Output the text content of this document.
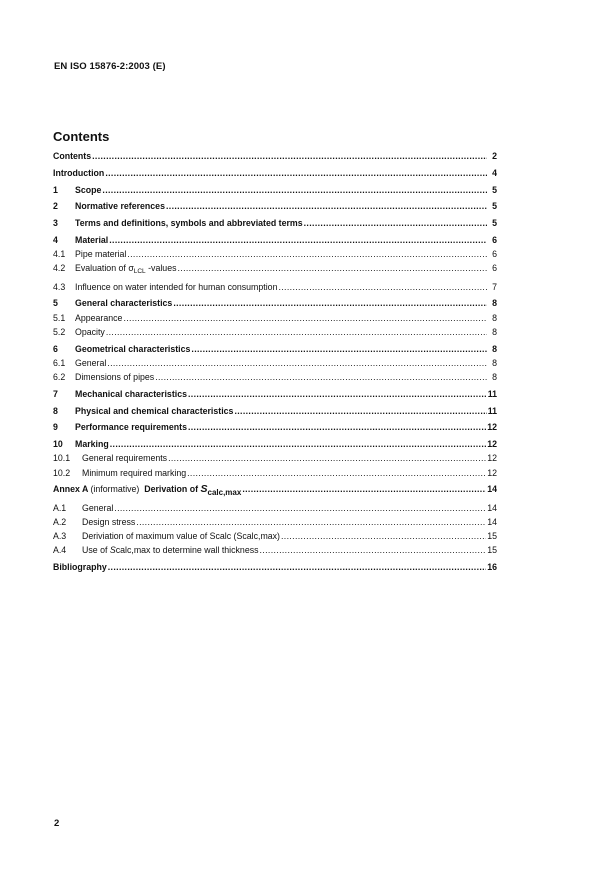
EN ISO 15876-2:2003 (E)
Contents
Contents .....	2
Introduction .....	4
1	Scope .....	5
2	Normative references .....	5
3	Terms and definitions, symbols and abbreviated terms .....	5
4	Material .....	6
4.1	Pipe material .....	6
4.2	Evaluation of $\sigma_{LCL}$ -values .....	6
4.3	Influence on water intended for human consumption .....	7
5	General characteristics .....	8
5.1	Appearance .....	8
5.2	Opacity .....	8
6	Geometrical characteristics .....	8
6.1	General .....	8
6.2	Dimensions of pipes .....	8
7	Mechanical characteristics .....	11
8	Physical and chemical characteristics .....	11
9	Performance requirements .....	12
10	Marking .....	12
10.1	General requirements .....	12
10.2	Minimum required marking .....	12
Annex A (informative) Derivation of Scalc,max .....	14
A.1	General .....	14
A.2	Design stress .....	14
A.3	Deriviation of maximum value of Scalc (Scalc,max) .....	15
A.4	Use of Scalc,max to determine wall thickness .....	15
Bibliography .....	16
2
